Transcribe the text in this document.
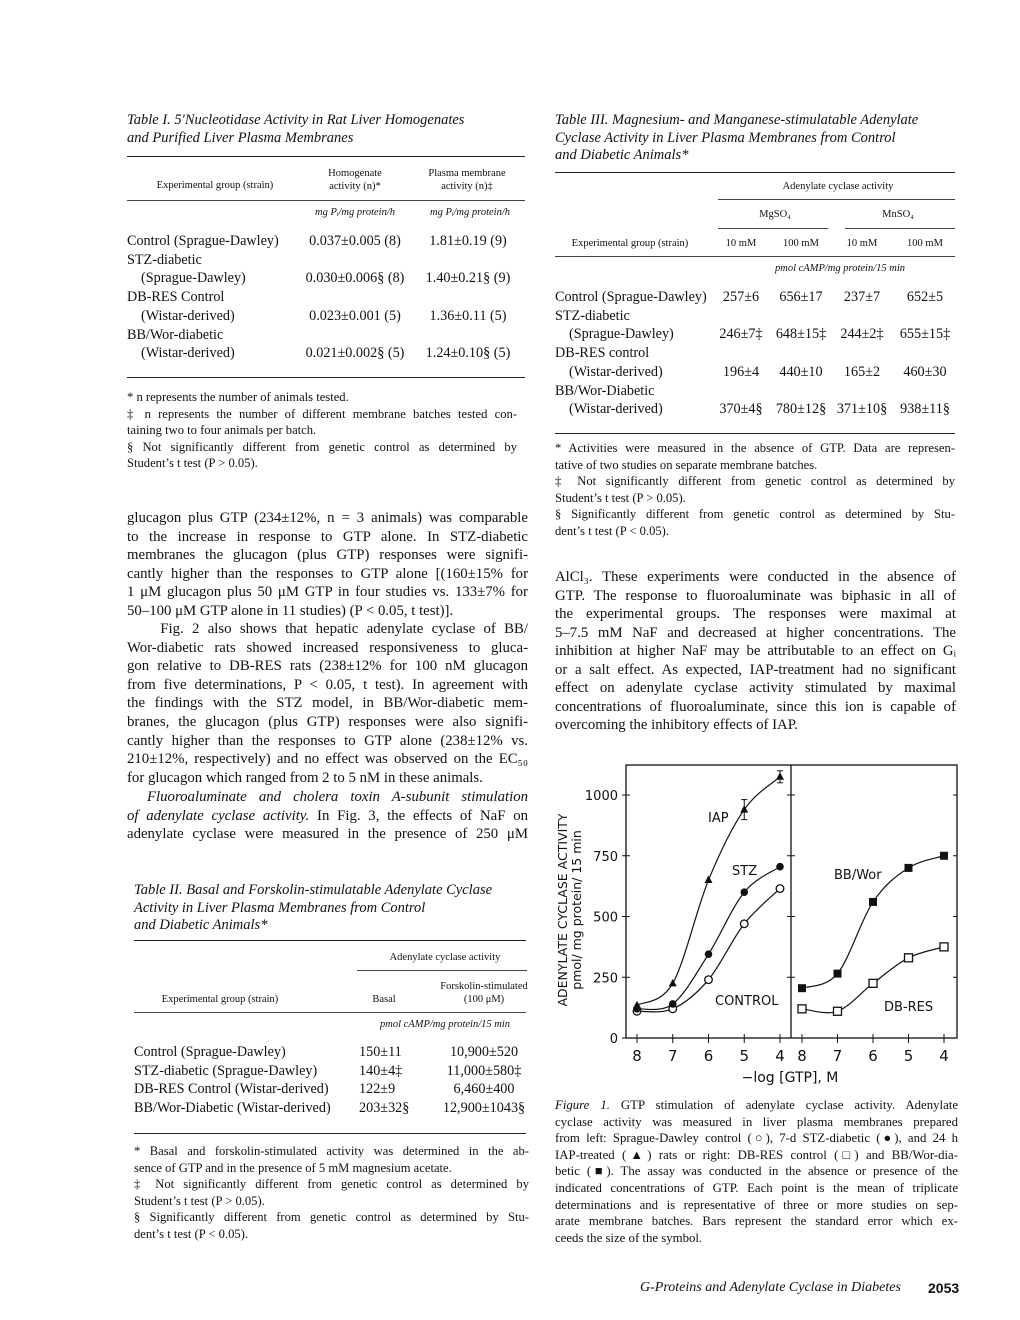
Table I. 5′Nucleotidase Activity in Rat Liver Homogenates
and Purified Liver Plasma Membranes
Experimental group (strain)
Homogenate
activity (n)*
Plasma membrane
activity (n)‡
mg Pᵢ/mg protein/h	mg Pᵢ/mg protein/h
Control (Sprague-Dawley) 0.037±0.005 (8) 1.81±0.19 (9)
STZ-diabetic
(Sprague-Dawley)	0.030±0.006§ (8) 1.40±0.21§ (9)
DB-RES Control
(Wistar-derived)	0.023±0.001 (5) 1.36±0.11 (5)
BB/Wor-diabetic
(Wistar-derived)	0.021±0.002§ (5) 1.24±0.10§ (5)
* n represents the number of animals tested.
‡ n represents the number of different membrane batches tested con-
taining two to four animals per batch.
§ Not significantly different from genetic control as determined by
Student’s t test (P > 0.05).
Table III. Magnesium- and Manganese-stimulatable Adenylate
Cyclase Activity in Liver Plasma Membranes from Control
and Diabetic Animals*
Adenylate cyclase activity
MgSO₄	MnSO₄
Experimental group (strain)	10 mM	100 mM	10 mM	100 mM
pmol cAMP/mg protein/15 min
Control (Sprague-Dawley) 257±6 656±17 237±7 652±5
STZ-diabetic
(Sprague-Dawley)	246±7‡ 648±15‡ 244±2‡ 655±15‡
DB-RES control
(Wistar-derived)	196±4 440±10 165±2 460±30
BB/Wor-Diabetic
(Wistar-derived)	370±4§ 780±12§ 371±10§ 938±11§
* Activities were measured in the absence of GTP. Data are represen-
tative of two studies on separate membrane batches.
‡ Not significantly different from genetic control as determined by
Student’s t test (P > 0.05).
§ Significantly different from genetic control as determined by Stu-
dent’s t test (P < 0.05).
glucagon plus GTP (234±12%, n = 3 animals) was comparable
to the increase in response to GTP alone. In STZ-diabetic
membranes the glucagon (plus GTP) responses were signifi-
cantly higher than the responses to GTP alone [(160±15% for
1 μM glucagon plus 50 μM GTP in four studies vs. 133±7% for
50–100 μM GTP alone in 11 studies) (P < 0.05, t test)].
Fig. 2 also shows that hepatic adenylate cyclase of BB/
Wor-diabetic rats showed increased responsiveness to gluca-
gon relative to DB-RES rats (238±12% for 100 nM glucagon
from five determinations, P < 0.05, t test). In agreement with
the findings with the STZ model, in BB/Wor-diabetic mem-
branes, the glucagon (plus GTP) responses were also signifi-
cantly higher than the responses to GTP alone (238±12% vs.
210±12%, respectively) and no effect was observed on the EC₅₀
for glucagon which ranged from 2 to 5 nM in these animals.
Fluoroaluminate and cholera toxin A-subunit stimulation
of adenylate cyclase activity. In Fig. 3, the effects of NaF on
adenylate cyclase were measured in the presence of 250 μM
Table II. Basal and Forskolin-stimulatable Adenylate Cyclase
Activity in Liver Plasma Membranes from Control
and Diabetic Animals*
Adenylate cyclase activity
Experimental group (strain)	Basal
Forskolin-stimulated
(100 μM)
pmol cAMP/mg protein/15 min
Control (Sprague-Dawley)	150±11	10,900±520
STZ-diabetic (Sprague-Dawley)	140±4‡	11,000±580‡
DB-RES Control (Wistar-derived) 122±9	6,460±400
BB/Wor-Diabetic (Wistar-derived) 203±32§ 12,900±1043§
* Basal and forskolin-stimulated activity was determined in the ab-
sence of GTP and in the presence of 5 mM magnesium acetate.
‡ Not significantly different from genetic control as determined by
Student’s t test (P > 0.05).
§ Significantly different from genetic control as determined by Stu-
dent’s t test (P < 0.05).
AlCl₃. These experiments were conducted in the absence of
GTP. The response to fluoroaluminate was biphasic in all of
the experimental groups. The responses were maximal at
5–7.5 mM NaF and decreased at higher concentrations. The
inhibition at higher NaF may be attributable to an effect on Gᵢ
or a salt effect. As expected, IAP-treatment had no significant
effect on adenylate cyclase activity stimulated by maximal
concentrations of fluoroaluminate, since this ion is capable of
overcoming the inhibitory effects of IAP.
Figure 1. GTP stimulation of adenylate cyclase activity. Adenylate
cyclase activity was measured in liver plasma membranes prepared
from left: Sprague-Dawley control (○), 7-d STZ-diabetic (●), and 24 h
IAP-treated (▲) rats or right: DB-RES control (□) and BB/Wor-dia-
betic (■). The assay was conducted in the absence or presence of the
indicated concentrations of GTP. Each point is the mean of triplicate
determinations and is representative of three or more studies on sep-
arate membrane batches. Bars represent the standard error which ex-
ceeds the size of the symbol.
0
250
500
750
1000
8 7 6 5 4 8 7 6 5 4
−log [GTP], M
ADENYLATE CYCLASE ACTIVITY pmol/ mg protein/ 15 min
CONTROL
STZ
IAP
DB-RES
BB/Wor
G-Proteins and Adenylate Cyclase in Diabetes 2053
